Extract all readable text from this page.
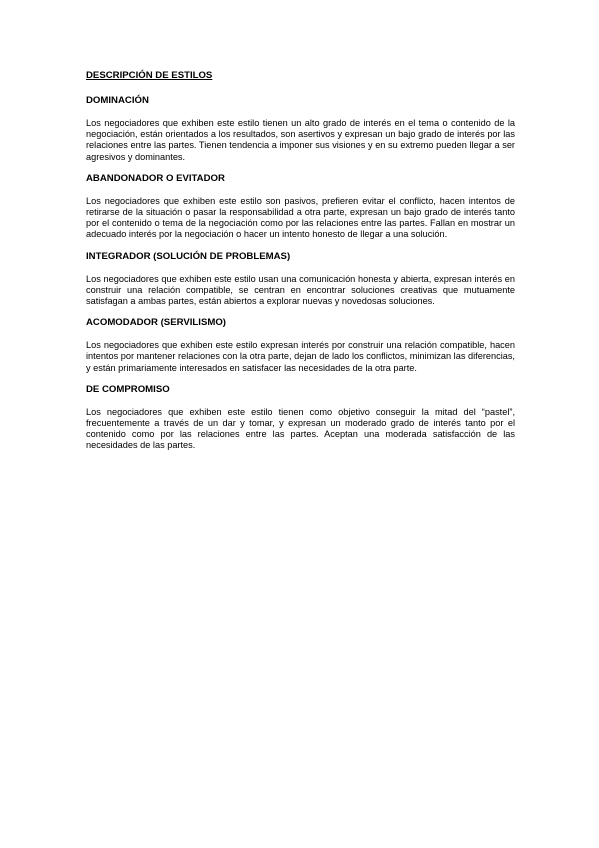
DESCRIPCIÓN DE ESTILOS
DOMINACIÓN

Los negociadores que exhiben este estilo tienen un alto grado de interés en el tema o contenido de la negociación, están orientados a los resultados, son asertivos y expresan un bajo grado de interés por las relaciones entre las partes. Tienen tendencia a imponer sus visiones y en su extremo pueden llegar a ser agresivos y dominantes.

ABANDONADOR O EVITADOR

Los negociadores que exhiben este estilo son pasivos, prefieren evitar el conflicto, hacen intentos de retirarse de la situación o pasar la responsabilidad a otra parte, expresan un bajo grado de interés tanto por el contenido o tema de la negociación como por las relaciones entre las partes. Fallan en mostrar un adecuado interés por la negociación o hacer un intento honesto de llegar a una solución.

INTEGRADOR (SOLUCIÓN DE PROBLEMAS)

Los negociadores que exhiben este estilo usan una comunicación honesta y abierta, expresan interés en construir una relación compatible, se centran en encontrar soluciones creativas que mutuamente satisfagan a ambas partes, están abiertos a explorar nuevas y novedosas soluciones.

ACOMODADOR (SERVILISMO)

Los negociadores que exhiben este estilo expresan interés por construir una relación compatible, hacen intentos por mantener relaciones con la otra parte, dejan de lado los conflictos, minimizan las diferencias, y están primariamente interesados en satisfacer las necesidades de la otra parte.

DE COMPROMISO

Los negociadores que exhiben este estilo tienen como objetivo conseguir la mitad del “pastel”, frecuentemente a través de un dar y tomar, y expresan un moderado grado de interés tanto por el contenido como por las relaciones entre las partes. Aceptan una moderada satisfacción de las necesidades de las partes.
